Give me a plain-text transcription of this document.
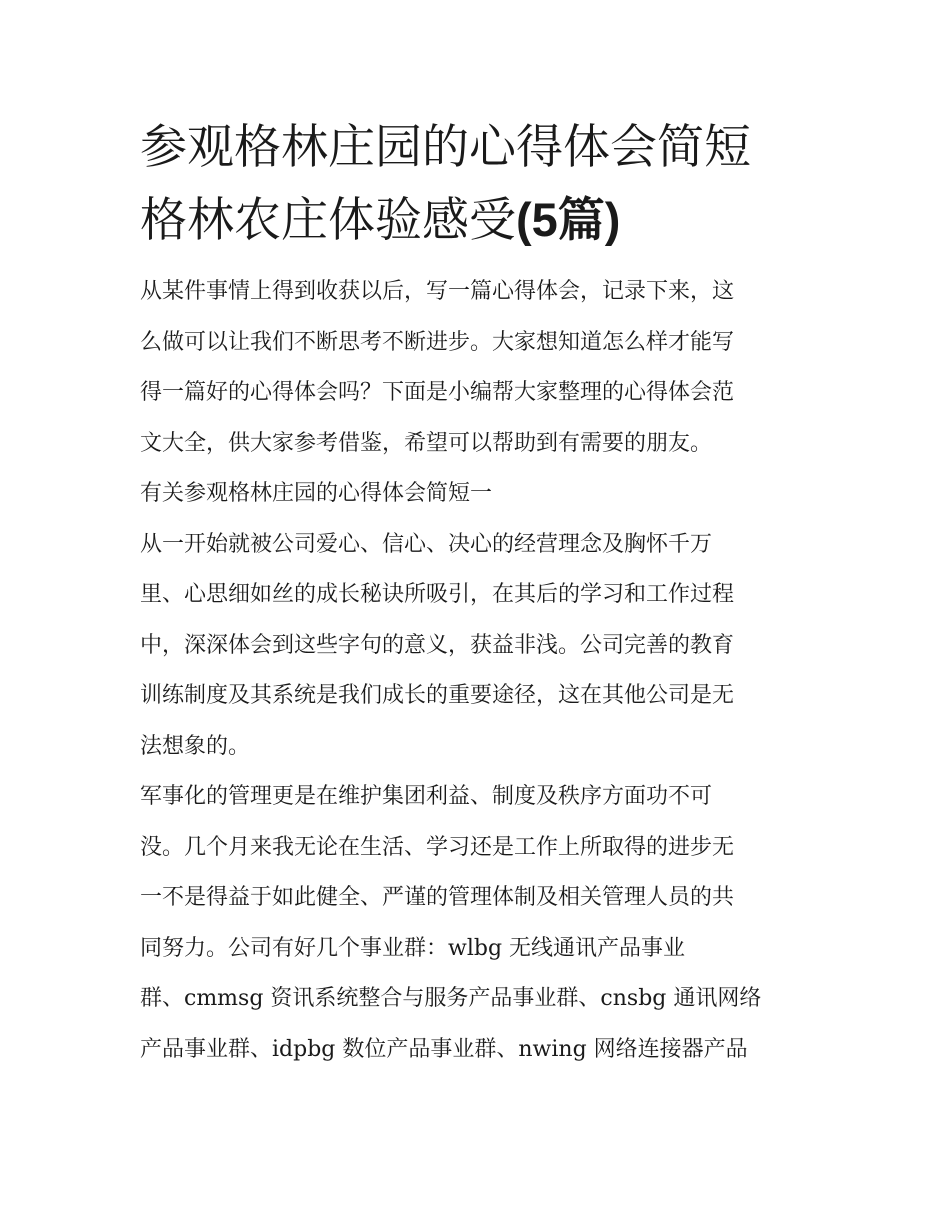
参观格林庄园的心得体会简短
格林农庄体验感受(5篇)

从某件事情上得到收获以后，写一篇心得体会，记录下来，这
么做可以让我们不断思考不断进步。大家想知道怎么样才能写
得一篇好的心得体会吗？下面是小编帮大家整理的心得体会范
文大全，供大家参考借鉴，希望可以帮助到有需要的朋友。

有关参观格林庄园的心得体会简短一

从一开始就被公司爱心、信心、决心的经营理念及胸怀千万
里、心思细如丝的成长秘诀所吸引，在其后的学习和工作过程
中，深深体会到这些字句的意义，获益非浅。公司完善的教育
训练制度及其系统是我们成长的重要途径，这在其他公司是无
法想象的。

军事化的管理更是在维护集团利益、制度及秩序方面功不可
没。几个月来我无论在生活、学习还是工作上所取得的进步无
一不是得益于如此健全、严谨的管理体制及相关管理人员的共
同努力。公司有好几个事业群：wlbg 无线通讯产品事业
群、cmmsg 资讯系统整合与服务产品事业群、cnsbg 通讯网络
产品事业群、idpbg 数位产品事业群、nwing 网络连接器产品
